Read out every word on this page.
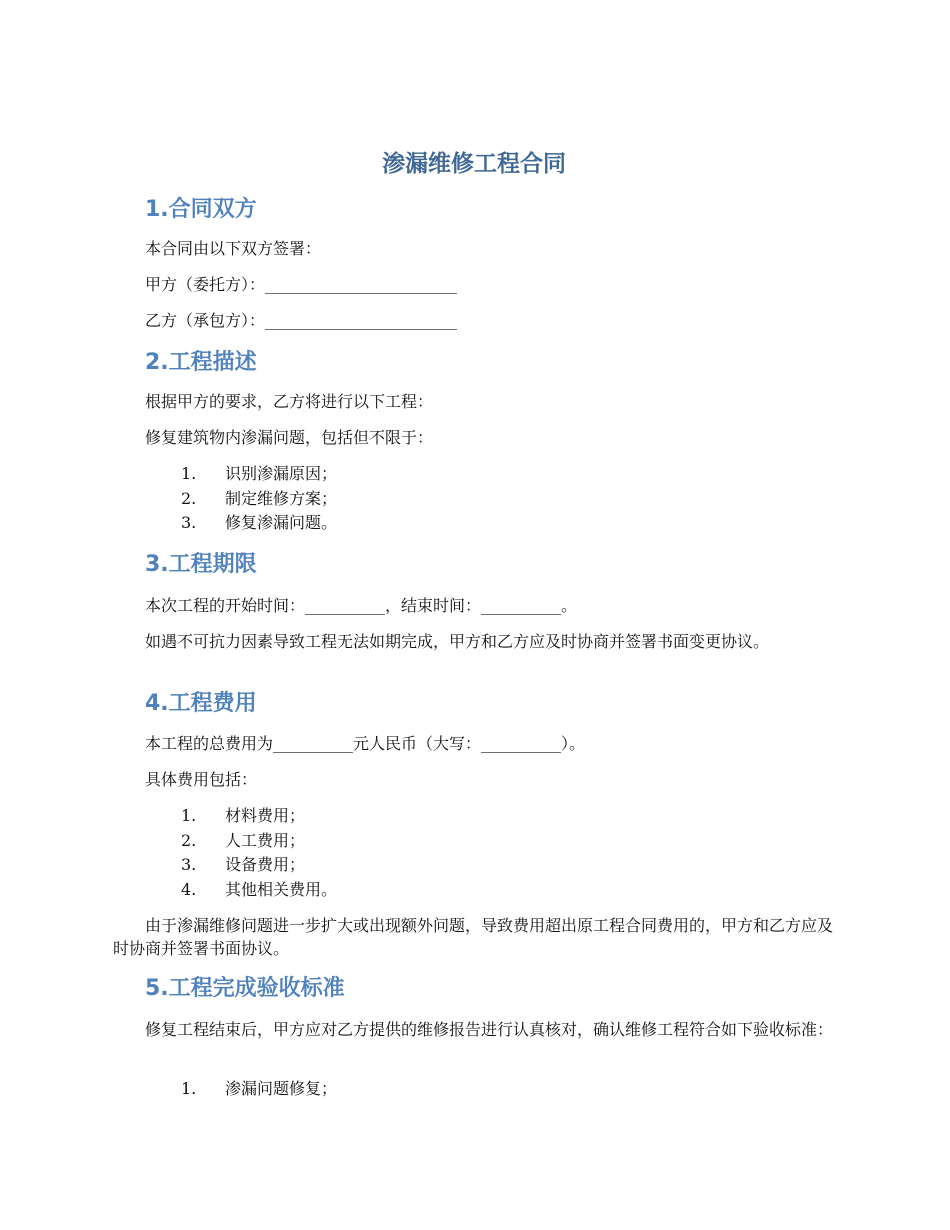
渗漏维修工程合同
1.合同双方

本合同由以下双方签署：

甲方（委托方）：________________________

乙方（承包方）：________________________

2.工程描述

根据甲方的要求，乙方将进行以下工程：

修复建筑物内渗漏问题，包括但不限于：

1. 识别渗漏原因；

2. 制定维修方案；

3. 修复渗漏问题。

3.工程期限

本次工程的开始时间：__________，结束时间：__________。

如遇不可抗力因素导致工程无法如期完成，甲方和乙方应及时协商并签署书面变更协议。

4.工程费用

本工程的总费用为__________元人民币（大写：__________）。

具体费用包括：

1. 材料费用；

2. 人工费用；

3. 设备费用；

4. 其他相关费用。

由于渗漏维修问题进一步扩大或出现额外问题，导致费用超出原工程合同费用的，甲方和乙方应及时协商并签署书面协议。

5.工程完成验收标准

修复工程结束后，甲方应对乙方提供的维修报告进行认真核对，确认维修工程符合如下验收标准：

1. 渗漏问题修复；
